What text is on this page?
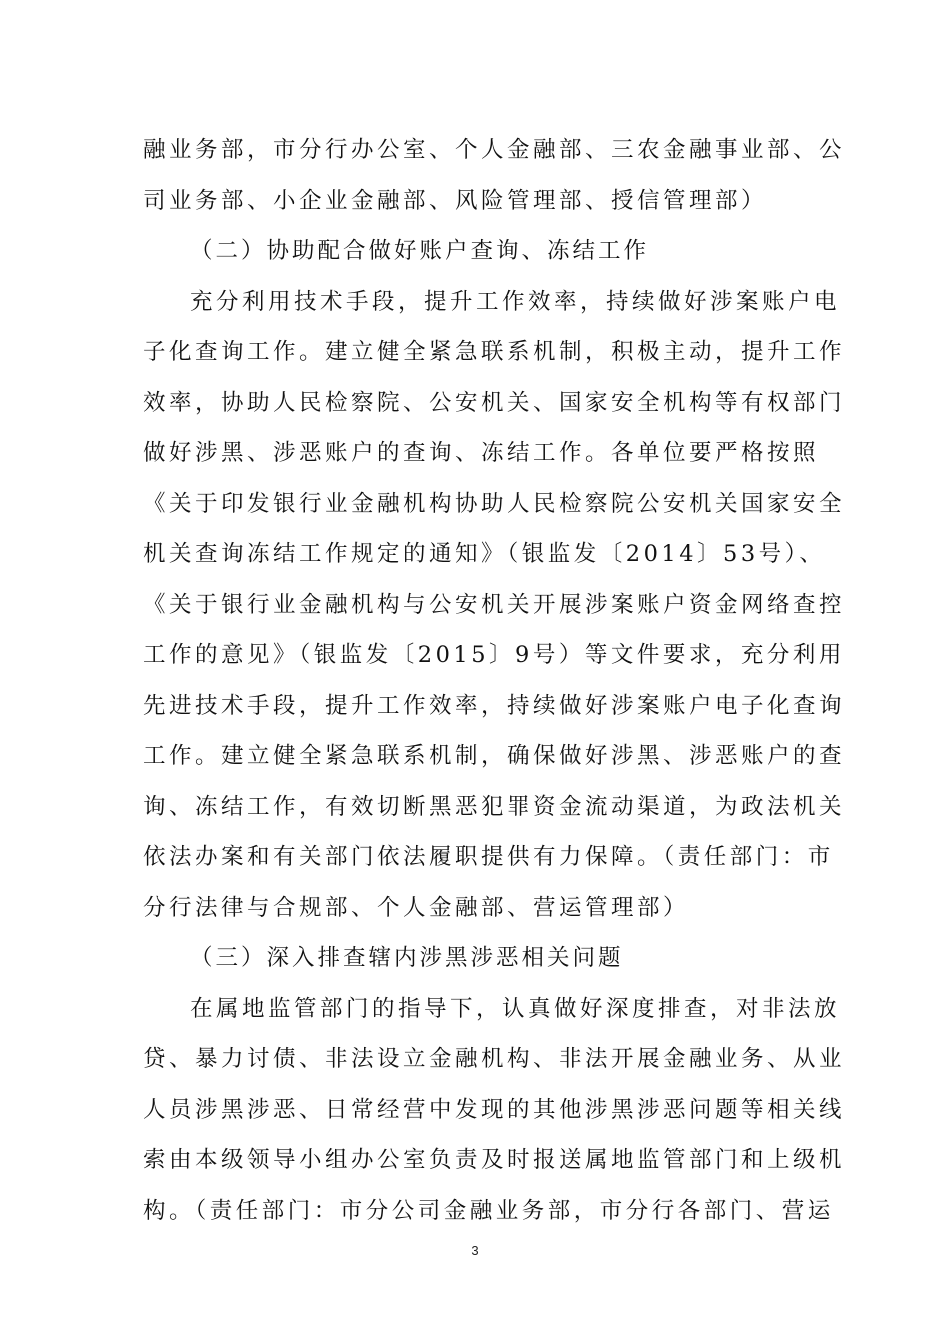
融业务部，市分行办公室、个人金融部、三农金融事业部、公
司业务部、小企业金融部、风险管理部、授信管理部）
（二）协助配合做好账户查询、冻结工作
充分利用技术手段，提升工作效率，持续做好涉案账户电
子化查询工作。建立健全紧急联系机制，积极主动，提升工作
效率，协助人民检察院、公安机关、国家安全机构等有权部门
做好涉黑、涉恶账户的查询、冻结工作。各单位要严格按照
《关于印发银行业金融机构协助人民检察院公安机关国家安全
机关查询冻结工作规定的通知》（银监发〔2014〕53号）、
《关于银行业金融机构与公安机关开展涉案账户资金网络查控
工作的意见》（银监发〔2015〕9号）等文件要求，充分利用
先进技术手段，提升工作效率，持续做好涉案账户电子化查询
工作。建立健全紧急联系机制，确保做好涉黑、涉恶账户的查
询、冻结工作，有效切断黑恶犯罪资金流动渠道，为政法机关
依法办案和有关部门依法履职提供有力保障。（责任部门：市
分行法律与合规部、个人金融部、营运管理部）
（三）深入排查辖内涉黑涉恶相关问题
在属地监管部门的指导下，认真做好深度排查，对非法放
贷、暴力讨债、非法设立金融机构、非法开展金融业务、从业
人员涉黑涉恶、日常经营中发现的其他涉黑涉恶问题等相关线
索由本级领导小组办公室负责及时报送属地监管部门和上级机
构。（责任部门：市分公司金融业务部，市分行各部门、营运
3
